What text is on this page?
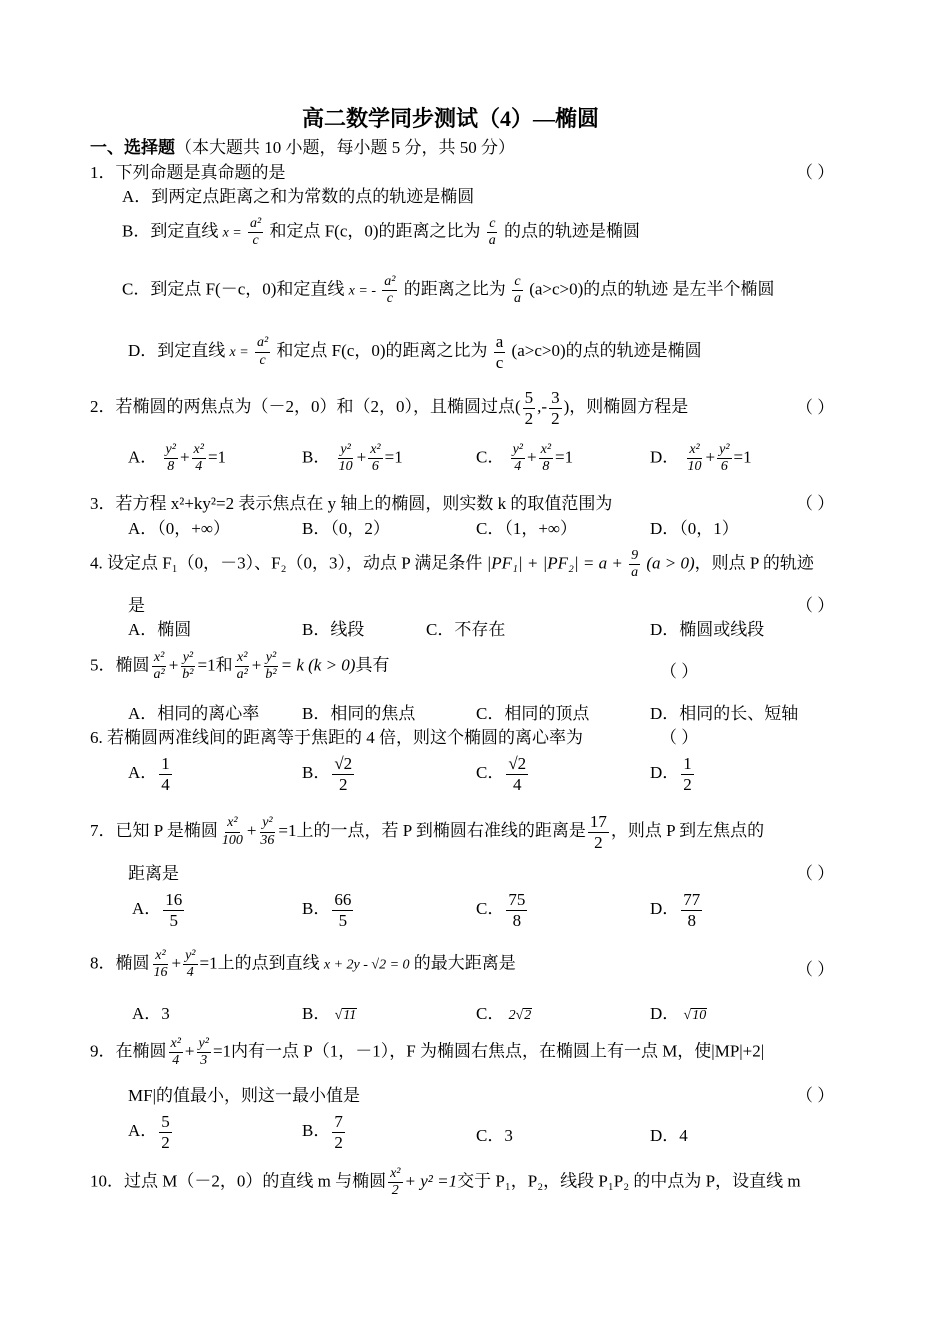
高二数学同步测试（4）—椭圆
一、选择题（本大题共 10 小题，每小题 5 分，共 50 分）
1．下列命题是真命题的是	（ ）
A．到两定点距离之和为常数的点的轨迹是椭圆
B．到定直线 $x = \frac{\text{a²}}{c}$ 和定点 F(c，0)的距离之比为 $\frac{c}{a}$ 的点的轨迹是椭圆
C．到定点 F(－c，0)和定直线 x = - $\frac{\text{a²}}{c}$ 的距离之比为 $\frac{c}{a} (a>c>0)$的点的轨迹 是左半个椭圆
D．到定直线 $x = \frac{\text{a²}}{c}$ 和定点 F(c，0)的距离之比为 $\frac{a}{c} (a>c>0)$的点的轨迹是椭圆
2．若椭圆的两焦点为（－2，0）和（2，0），且椭圆过点( $\frac{5}{2}$ ,- $\frac{3}{2}$ )，则椭圆方程是	（ ）
A． $\frac{\text{y²}}{8} + \frac{\text{x²}}{4} =1$	B． $\frac{\text{y²}}{10} + \frac{\text{x²}}{6} =1$	C． $\frac{\text{y²}}{4} + \frac{\text{x²}}{8} =1$	D． $\frac{\text{x²}}{10} + \frac{\text{y²}}{6} =1$
3．若方程 x²+ky²=2 表示焦点在 y 轴上的椭圆，则实数 k 的取值范围为	（ ）
A．（0，+∞）	B．（0，2）	C．（1，+∞）	D．（0，1）
4. 设定点 F₁（0，－3）、F₂（0，3），动点 P 满足条件 $|PF_1| + |PF_2| = a + \frac{9}{a} (a > 0)$，则点 P 的轨迹
是	（ ）
A．椭圆	B．线段	C．不存在	D．椭圆或线段
5．椭圆 $\frac{\text{x²}}{\text{a²}} + \frac{\text{y²}}{\text{b²}} =1$和 $\frac{\text{x²}}{\text{a²}} + \frac{\text{y²}}{\text{b²}} = k$ (k > 0)具有	（ ）
A．相同的离心率	B．相同的焦点	C．相同的顶点	D．相同的长、短轴
6. 若椭圆两准线间的距离等于焦距的 4 倍，则这个椭圆的离心率为	（ ）
A． $\frac{1}{4}$	B． $\frac{√2}{2}$	C． $\frac{√2}{4}$	D． $\frac{1}{2}$
7．已知 P 是椭圆 $\frac{\text{x²}}{100} + \frac{\text{y²}}{36} =1$上的一点，若 P 到椭圆右准线的距离是 $\frac{17}{2}$ ，则点 P 到左焦点的
距离是	（ ）
A． $\frac{16}{5}$	B． $\frac{66}{5}$	C． $\frac{75}{8}$	D． $\frac{77}{8}$
8．椭圆 $\frac{\text{x²}}{16} + \frac{\text{y²}}{4} =1$上的点到直线 x + 2y - √2 = 0 的最大距离是	（ ）
A．3	B． √11	C． 2√2	D． √10
9．在椭圆 $\frac{\text{x²}}{4} + \frac{\text{y²}}{3} =1$内有一点 P（1，－1），F 为椭圆右焦点，在椭圆上有一点 M，使|MP|+2|
MF|的值最小，则这一最小值是	（ ）
A． $\frac{5}{2}$	B． $\frac{7}{2}$	C．3	D．4
10．过点 M（－2，0）的直线 m 与椭圆 $\frac{\text{x²}}{2} + y^2 =1$交于 P₁，P₂，线段 P₁P₂ 的中点为 P，设直线 m
